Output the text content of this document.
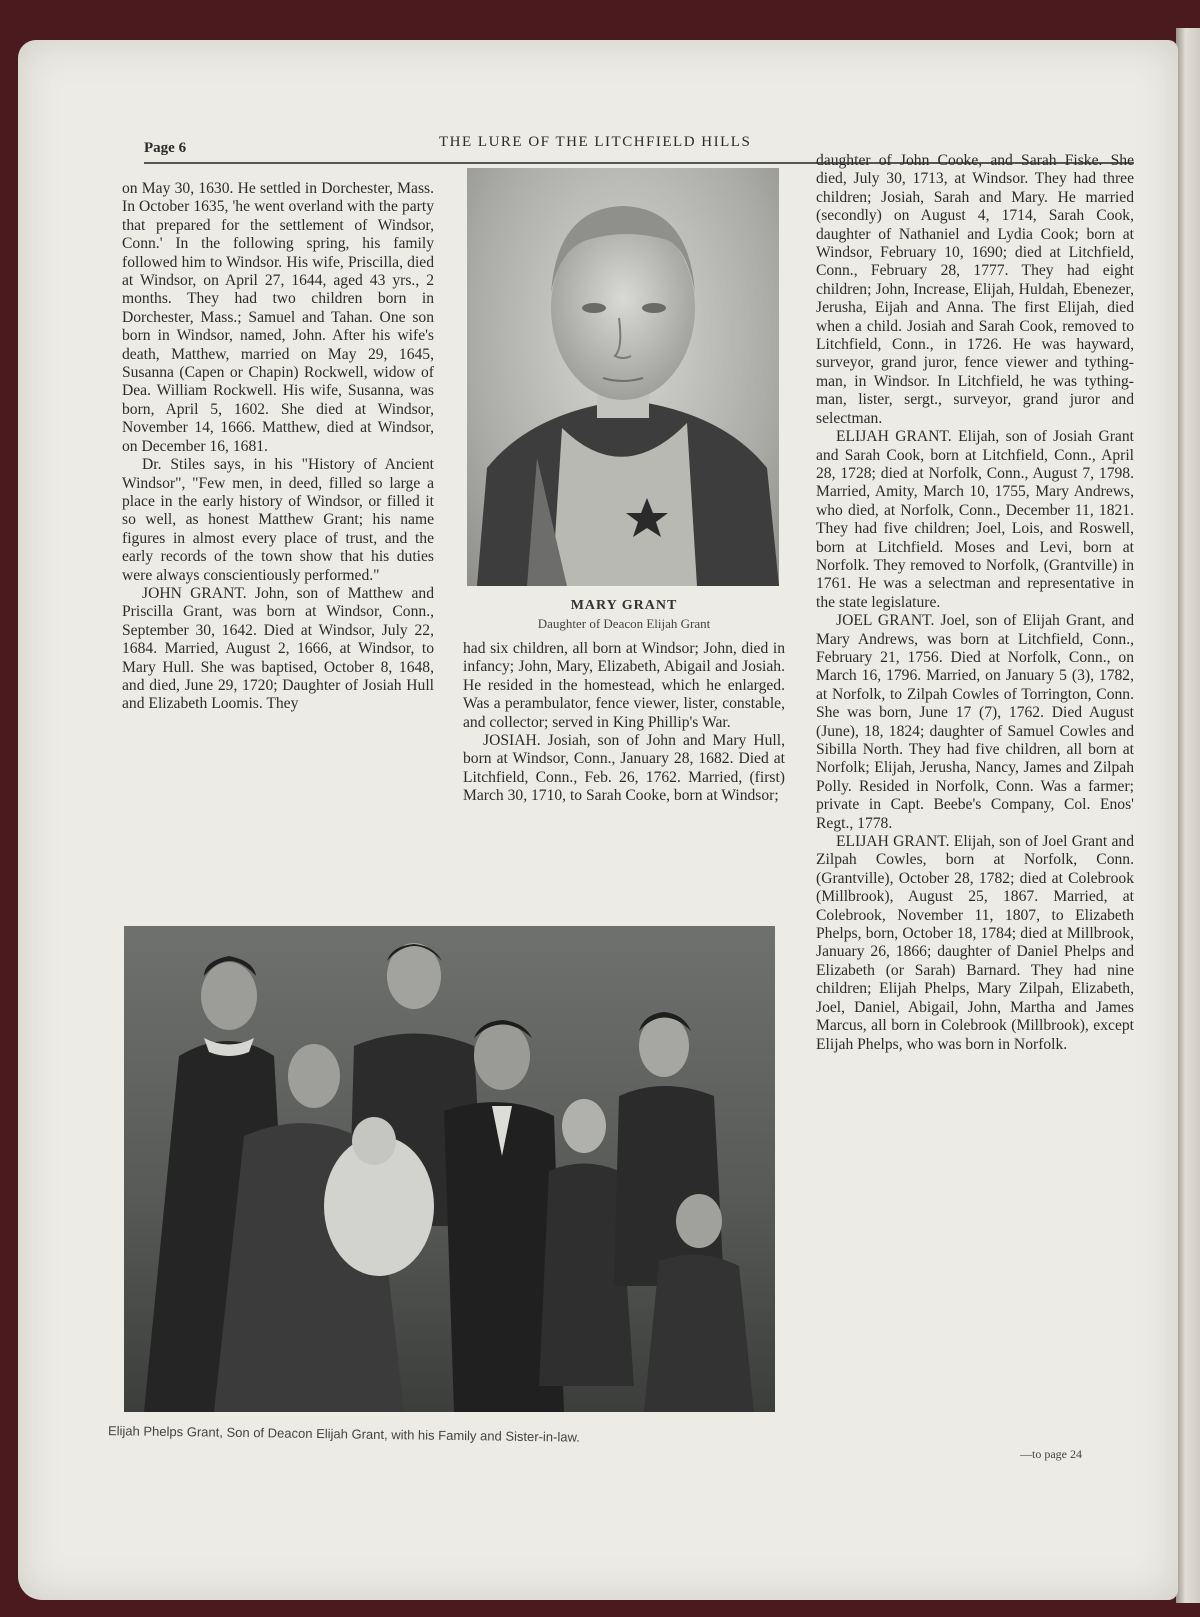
Page 6	THE LURE OF THE LITCHFIELD HILLS

on May 30, 1630. He settled in Dorchester, Mass. In October 1635, 'he went overland with the party that prepared for the settlement of Windsor, Conn.' In the following spring, his family followed him to Windsor. His wife, Priscilla, died at Windsor, on April 27, 1644, aged 43 yrs., 2 months. They had two children born in Dorchester, Mass.; Samuel and Tahan. One son born in Windsor, named, John. After his wife's death, Matthew, married on May 29, 1645, Susanna (Capen or Chapin) Rockwell, widow of Dea. William Rockwell. His wife, Susanna, was born, April 5, 1602. She died at Windsor, November 14, 1666. Matthew, died at Windsor, on December 16, 1681.

Dr. Stiles says, in his "History of Ancient Windsor", "Few men, in deed, filled so large a place in the early history of Windsor, or filled it so well, as honest Matthew Grant; his name figures in almost every place of trust, and the early records of the town show that his duties were always conscientiously performed."

JOHN GRANT. John, son of Matthew and Priscilla Grant, was born at Windsor, Conn., September 30, 1642. Died at Windsor, July 22, 1684. Married, August 2, 1666, at Windsor, to Mary Hull. She was baptised, October 8, 1648, and died, June 29, 1720; Daughter of Josiah Hull and Elizabeth Loomis. They

MARY GRANT
Daughter of Deacon Elijah Grant

had six children, all born at Windsor; John, died in infancy; John, Mary, Elizabeth, Abigail and Josiah. He resided in the homestead, which he enlarged. Was a perambulator, fence viewer, lister, constable, and collector; served in King Phillip's War.

JOSIAH. Josiah, son of John and Mary Hull, born at Windsor, Conn., January 28, 1682. Died at Litchfield, Conn., Feb. 26, 1762. Married, (first) March 30, 1710, to Sarah Cooke, born at Windsor;

daughter of John Cooke, and Sarah Fiske. She died, July 30, 1713, at Windsor. They had three children; Josiah, Sarah and Mary. He married (secondly) on August 4, 1714, Sarah Cook, daughter of Nathaniel and Lydia Cook; born at Windsor, February 10, 1690; died at Litchfield, Conn., February 28, 1777. They had eight children; John, Increase, Elijah, Huldah, Ebenezer, Jerusha, Eijah and Anna. The first Elijah, died when a child. Josiah and Sarah Cook, removed to Litchfield, Conn., in 1726. He was hayward, surveyor, grand juror, fence viewer and tything-man, in Windsor. In Litchfield, he was tything-man, lister, sergt., surveyor, grand juror and selectman.

ELIJAH GRANT. Elijah, son of Josiah Grant and Sarah Cook, born at Litchfield, Conn., April 28, 1728; died at Norfolk, Conn., August 7, 1798. Married, Amity, March 10, 1755, Mary Andrews, who died, at Norfolk, Conn., December 11, 1821. They had five children; Joel, Lois, and Roswell, born at Litchfield. Moses and Levi, born at Norfolk. They removed to Norfolk, (Grantville) in 1761. He was a selectman and representative in the state legislature.

JOEL GRANT. Joel, son of Elijah Grant, and Mary Andrews, was born at Litchfield, Conn., February 21, 1756. Died at Norfolk, Conn., on March 16, 1796. Married, on January 5 (3), 1782, at Norfolk, to Zilpah Cowles of Torrington, Conn. She was born, June 17 (7), 1762. Died August (June), 18, 1824; daughter of Samuel Cowles and Sibilla North. They had five children, all born at Norfolk; Elijah, Jerusha, Nancy, James and Zilpah Polly. Resided in Norfolk, Conn. Was a farmer; private in Capt. Beebe's Company, Col. Enos' Regt., 1778.

ELIJAH GRANT. Elijah, son of Joel Grant and Zilpah Cowles, born at Norfolk, Conn. (Grantville), October 28, 1782; died at Colebrook (Millbrook), August 25, 1867. Married, at Colebrook, November 11, 1807, to Elizabeth Phelps, born, October 18, 1784; died at Millbrook, January 26, 1866; daughter of Daniel Phelps and Elizabeth (or Sarah) Barnard. They had nine children; Elijah Phelps, Mary Zilpah, Elizabeth, Joel, Daniel, Abigail, John, Martha and James Marcus, all born in Colebrook (Millbrook), except Elijah Phelps, who was born in Norfolk.

Elijah Phelps Grant, Son of Deacon Elijah Grant, with his Family and Sister-in-law.
—to page 24
